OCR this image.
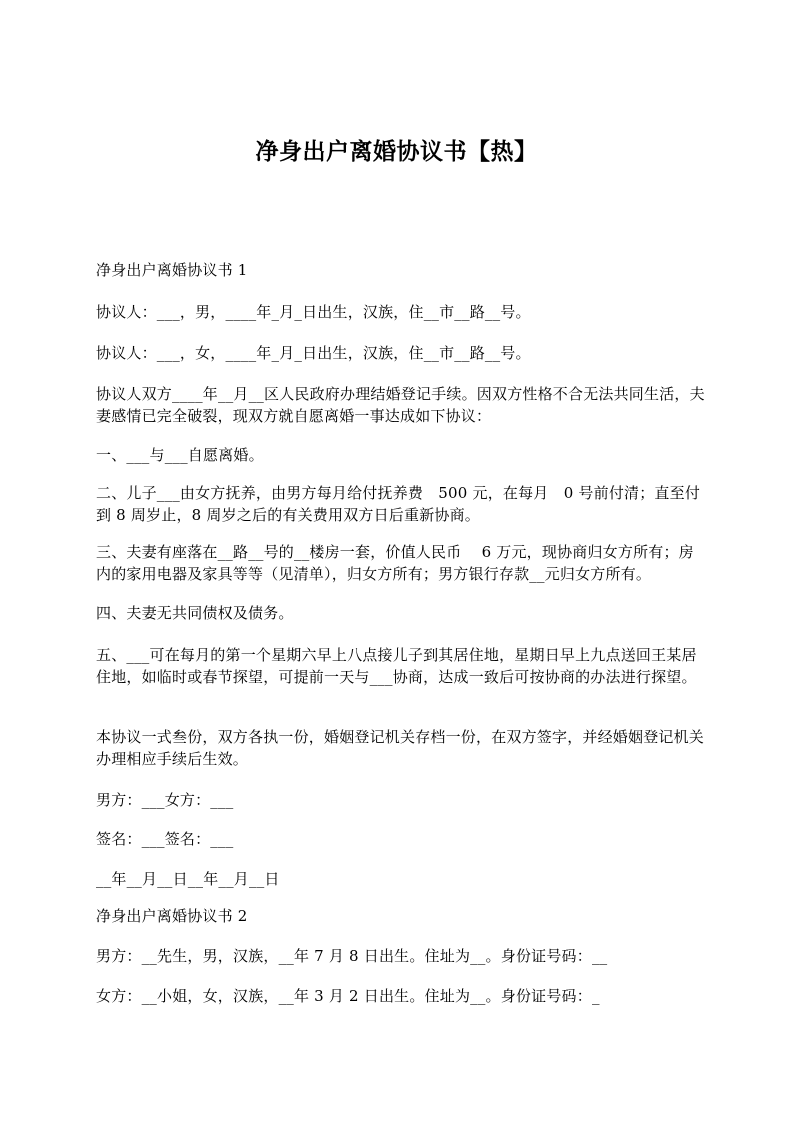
净身出户离婚协议书【热】
净身出户离婚协议书 1
协议人：___，男，____年_月_日出生，汉族，住__市__路__号。
协议人：___，女，____年_月_日出生，汉族，住__市__路__号。
协议人双方____年__月__区人民政府办理结婚登记手续。因双方性格不合无法共同生活，夫妻感情已完全破裂，现双方就自愿离婚一事达成如下协议：
一、___与___自愿离婚。
二、儿子___由女方抚养，由男方每月给付抚养费　500 元，在每月　0 号前付清；直至付到 8 周岁止，8 周岁之后的有关费用双方日后重新协商。
三、夫妻有座落在__路__号的__楼房一套，价值人民币　 6 万元，现协商归女方所有；房内的家用电器及家具等等（见清单），归女方所有；男方银行存款__元归女方所有。
四、夫妻无共同债权及债务。
五、___可在每月的第一个星期六早上八点接儿子到其居住地，星期日早上九点送回王某居住地，如临时或春节探望，可提前一天与___协商，达成一致后可按协商的办法进行探望。
本协议一式叁份，双方各执一份，婚姻登记机关存档一份，在双方签字，并经婚姻登记机关办理相应手续后生效。
男方：___女方：___
签名：___签名：___
__年__月__日__年__月__日
净身出户离婚协议书 2
男方：__先生，男，汉族，__年 7 月 8 日出生。住址为__。身份证号码：__
女方：__小姐，女，汉族，__年 3 月 2 日出生。住址为__。身份证号码：_
